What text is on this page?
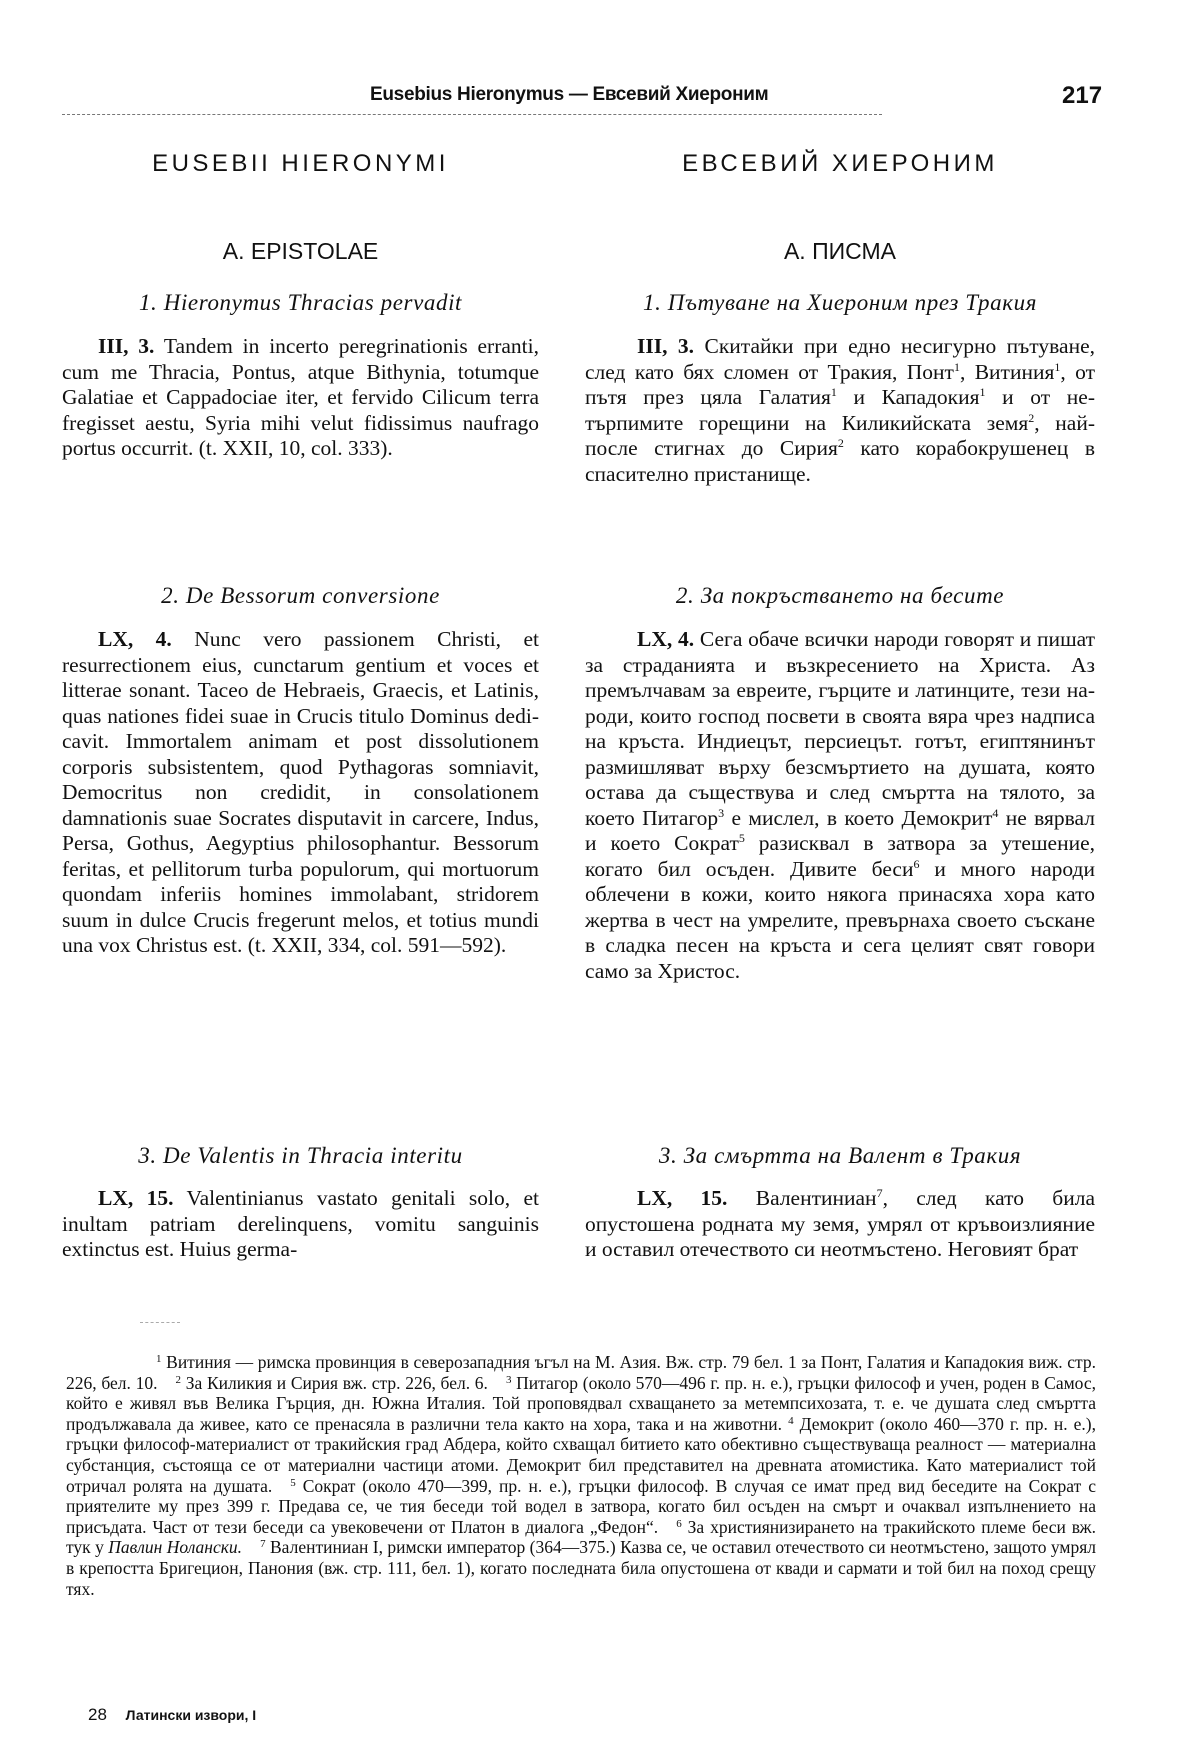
Eusebius Hieronymus — Евсевий Хиероним	217
EUSEBII HIERONYMI
A. EPISTOLAE
1. Hieronymus Thracias pervadit
III, 3. Tandem in incerto peregrinationis erranti, cum me Thracia, Pontus, atque Bithynia, totumque Galatiae et Cappadociae iter, et fervido Cilicum terra fregisset aestu, Syria mihi velut fidissimus naufrago portus occurrit. (t. XXII, 10, col. 333).
2. De Bessorum conversione
LX, 4. Nunc vero passionem Christi, et resurrectionem eius, cunctarum gentium et voces et litterae sonant. Taceo de Hebraeis, Graecis, et Latinis, quas nationes fidei suae in Crucis titulo Dominus dedicavit. Immortalem animam et post dissolutionem corporis subsistentem, quod Pythagoras somniavit, Democritus non credidit, in consolationem damnationis suae Socrates disputavit in carcere, Indus, Persa, Gothus, Aegyptius philosophantur. Bessorum feritas, et pellitorum turba populorum, qui mortuorum quondam inferiis homines immolabant, stridorem suum in dulce Crucis fregerunt melos, et totius mundi una vox Christus est. (t. XXII, 334, col. 591—592).
3. De Valentis in Thracia interitu
LX, 15. Valentinianus vastato genitali solo, et inultam patriam derelinquens, vomitu sanguinis extinctus est. Huius germa-
ЕВСЕВИЙ ХИЕРОНИМ
А. ПИСМА
1. Пътуване на Хиероним през Тракия
III, 3. Скитайки при едно несигурно пътуване, след като бях сломен от Тракия, Понт$^1$, Витиния$^1$, от пътя през цяла Галатия$^1$ и Кападокия$^1$ и от нетърпимите горещини на Киликийската земя$^2$, най-после стигнах до Сирия$^2$ като корабокрушенец в спасително пристанище.
2. За покръстването на бесите
LX, 4. Сега обаче всички народи говорят и пишат за страданията и възкресението на Христа. Аз премълчавам за евреите, гърците и латинците, тези народи, които господ посвети в своята вяра чрез надписа на кръста. Индиецът, персиецът. готът, египтянинът размишляват върху безсмъртието на душата, която остава да съществува и след смъртта на тялото, за което Питагор$^3$ е мислел, в което Демокрит$^4$ не вярвал и което Сократ$^5$ разисквал в затвора за утешение, когато бил осъден. Дивите беси$^6$ и много народи облечени в кожи, които някога принасяха хора като жертва в чест на умрелите, превърнаха своето съскане в сладка песен на кръста и сега целият свят говори само за Христос.
3. За смъртта на Валент в Тракия
LX, 15. Валентиниан$^7$, след като била опустошена родната му земя, умрял от кръвоизлияние и оставил отечеството си неотмъстено. Неговият брат
$^1$ Витиния — римска провинция в северозападния ъгъл на М. Азия. Вж. стр. 79 бел. 1 за Понт, Галатия и Кападокия виж. стр. 226, бел. 10. $^2$ За Киликия и Сирия вж. стр. 226, бел. 6. $^3$ Питагор (около 570—496 г. пр. н. е.), гръцки философ и учен, роден в Самос, който е живял във Велика Гърция, дн. Южна Италия. Той проповядвал схващането за метемпсихозата, т. е. че душата след смъртта продължавала да живее, като се пренасяла в различни тела както на хора, така и на животни. $^4$ Демокрит (около 460—370 г. пр. н. е.), гръцки философ-материалист от тракийския град Абдера, който схващал битието като обективно съществуваща реалност — материална субстанция, състояща се от материални частици атоми. Демокрит бил представител на древната атомистика. Като материалист той отричал ролята на душата. $^5$ Сократ (около 470—399, пр. н. е.), гръцки философ. В случая се имат пред вид беседите на Сократ с приятелите му през 399 г. Предава се, че тия беседи той водел в затвора, когато бил осъден на смърт и очаквал изпълнението на присъдата. Част от тези беседи са увековечени от Платон в диалога „Федон“. $^6$ За християнизирането на тракийското племе беси вж. тук у Павлин Ноланскu. $^7$ Валентиниан I, римски император (364—375.) Казва се, че оставил отечеството си неотмъстено, защото умрял в крепостта Бригецион, Панония (вж. стр. 111, бел. 1), когато последната била опустошена от квади и сармати и той бил на поход срещу тях.
28 Латински извори, I
